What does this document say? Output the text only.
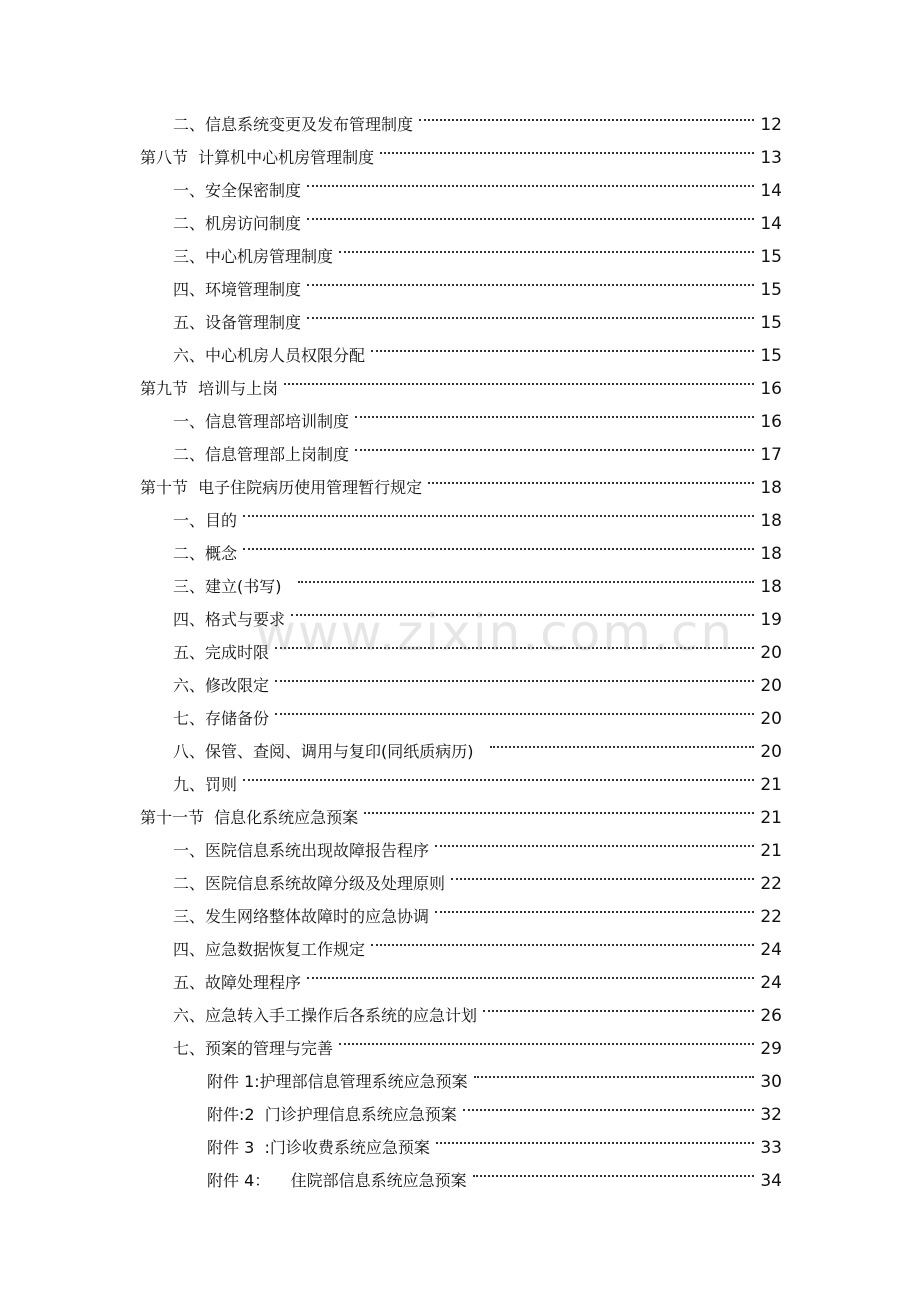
二、信息系统变更及发布管理制度	12
第八节  计算机中心机房管理制度	13
一、安全保密制度	14
二、机房访问制度	14
三、中心机房管理制度	15
四、环境管理制度	15
五、设备管理制度	15
六、中心机房人员权限分配	15
第九节  培训与上岗	16
一、信息管理部培训制度	16
二、信息管理部上岗制度	17
第十节  电子住院病历使用管理暂行规定	18
一、目的	18
二、概念	18
三、建立(书写)	18
四、格式与要求	19
五、完成时限	20
六、修改限定	20
七、存储备份	20
八、保管、查阅、调用与复印(同纸质病历)	20
九、罚则	21
第十一节  信息化系统应急预案	21
一、医院信息系统出现故障报告程序	21
二、医院信息系统故障分级及处理原则	22
三、发生网络整体故障时的应急协调	22
四、应急数据恢复工作规定	24
五、故障处理程序	24
六、应急转入手工操作后各系统的应急计划	26
七、预案的管理与完善	29
附件 1:护理部信息管理系统应急预案	30
附件:2  门诊护理信息系统应急预案	32
附件 3  :门诊收费系统应急预案	33
附件 4：    住院部信息系统应急预案	34
www.zixin.com.cn
